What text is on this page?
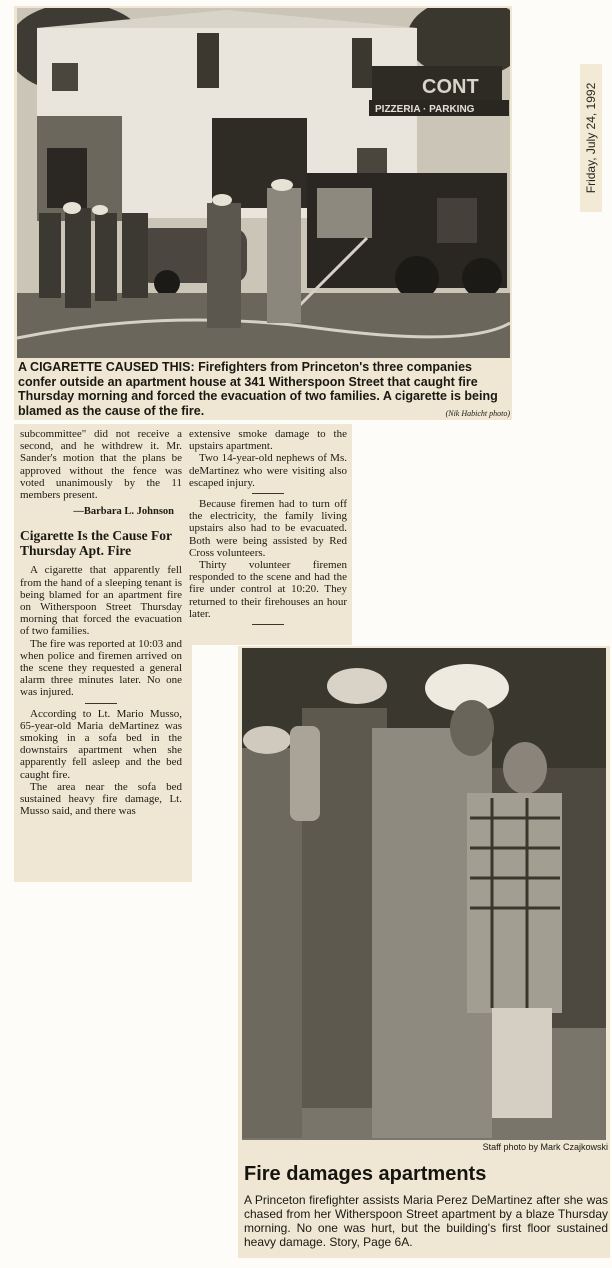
CONT
PIZZERIA · PARKING
A CIGARETTE CAUSED THIS: Firefighters from Princeton's three companies confer outside an apartment house at 341 Witherspoon Street that caught fire Thursday morning and forced the evacuation of two families. A cigarette is being blamed as the cause of the fire.	(Nik Habicht photo)
Friday, July 24, 1992

subcommittee" did not receive a second, and he withdrew it. Mr. Sander's motion that the plans be approved without the fence was voted unanimously by the 11 members present.

—Barbara L. Johnson
Cigarette Is the Cause For Thursday Apt. Fire

A cigarette that apparently fell from the hand of a sleeping tenant is being blamed for an apartment fire on Witherspoon Street Thursday morning that forced the evacuation of two families.

The fire was reported at 10:03 and when police and firemen arrived on the scene they requested a general alarm three minutes later. No one was injured.

According to Lt. Mario Musso, 65-year-old Maria deMartinez was smoking in a sofa bed in the downstairs apartment when she apparently fell asleep and the bed caught fire.

The area near the sofa bed sustained heavy fire damage, Lt. Musso said, and there was

extensive smoke damage to the upstairs apartment.

Two 14-year-old nephews of Ms. deMartinez who were visiting also escaped injury.

Because firemen had to turn off the electricity, the family living upstairs also had to be evacuated. Both were being assisted by Red Cross volunteers.

Thirty volunteer firemen responded to the scene and had the fire under control at 10:20. They returned to their firehouses an hour later.

Staff photo by Mark Czajkowski
Fire damages apartments
A Princeton firefighter assists Maria Perez DeMartinez after she was chased from her Witherspoon Street apartment by a blaze Thursday morning. No one was hurt, but the building's first floor sustained heavy damage. Story, Page 6A.
